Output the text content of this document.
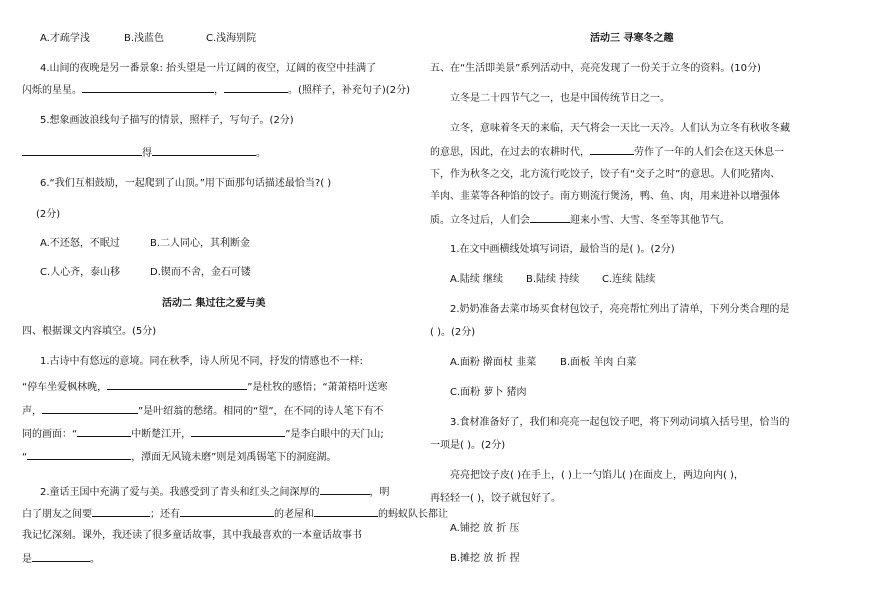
A.才疏学浅	B.浅蓝色	C.浅海别院
4.山间的夜晚是另一番景象: 抬头望是一片辽阔的夜空，辽阔的夜空中挂满了
闪烁的星星。	，	。(照样子，补充句子)(2分)
5.想象画波浪线句子描写的情景，照样子，写句子。(2分)
得	。
6.“我们互相鼓励，一起爬到了山顶。”用下面那句话描述最恰当?( )
(2分)
A.不还怒，不眠过	B.二人同心，其利断金
C.人心齐，泰山移	D.锲而不舍，金石可镂
活动二 集过往之爱与美
四、根据课文内容填空。(5分)
1.古诗中有悠远的意境。同在秋季，诗人所见不同，抒发的情感也不一样:
“停车坐爱枫林晚，	”是杜牧的感悟；“萧萧梧叶送寒
声，	”是叶绍翁的愁绪。相同的“望”，在不同的诗人笔下有不
同的画面：“	中断楚江开，	”是李白眼中的天门山;
“	，潭面无风镜未磨”则是刘禹锡笔下的洞庭湖。
2.童话王国中充满了爱与美。我感受到了青头和红头之间深厚的	，明
白了朋友之间要	；还有	的老屋和	的蚂蚁队长都让
我记忆深刻。课外，我还读了很多童话故事，其中我最喜欢的一本童话故事书
是	。
活动三 寻寒冬之趣
五、在“生活即美景”系列活动中，亮亮发现了一份关于立冬的资料。(10分)
立冬是二十四节气之一，也是中国传统节日之一。
立冬，意味着冬天的来临，天气将会一天比一天冷。人们认为立冬有秋收冬藏
的意思，因此，在过去的农耕时代，	劳作了一年的人们会在这天休息一
下，作为秋冬之交，北方流行吃饺子，饺子有“交子之时”的意思。人们吃猪肉、
羊肉、韭菜等各种馅的饺子。南方则流行煲汤，鸭、鱼、肉，用来进补以增强体
质。立冬过后，人们会	迎来小雪、大雪、冬至等其他节气。
1.在文中画横线处填写词语，最恰当的是( )。(2分)
A.陆续 继续 B.陆续 持续 C.连续 陆续
2.奶奶准备去菜市场买食材包饺子，亮亮帮忙列出了清单，下列分类合理的是
( )。(2分)
A.面粉 擀面杖 韭菜 B.面板 羊肉 白菜
C.面粉 萝卜 猪肉
3.食材准备好了，我们和亮亮一起包饺子吧，将下列动词填入括号里，恰当的
一项是( )。(2分)
亮亮把饺子皮( )在手上，( )上一勺馅儿( )在面皮上，两边向内( )，
再轻轻一( )，饺子就包好了。
A.铺挖 放 折 压
B.摊挖 放 折 捏
